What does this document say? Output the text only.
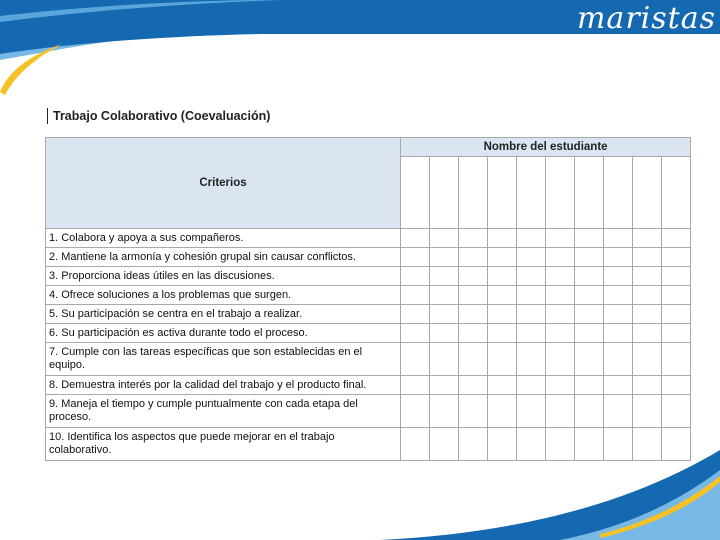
maristas
Trabajo Colaborativo (Coevaluación)
Criterios	Nombre del estudiante									

1. Colabora y apoya a sus compañeros.										
2. Mantiene la armonía y cohesión grupal sin causar conflictos.										
3. Proporciona ideas útiles en las discusiones.										
4. Ofrece soluciones a los problemas que surgen.										
5. Su participación se centra en el trabajo a realizar.										
6. Su participación es activa durante todo el proceso.										
7. Cumple con las tareas específicas que son establecidas en el equipo.										
8. Demuestra interés por la calidad del trabajo y el producto final.										
9. Maneja el tiempo y cumple puntualmente con cada etapa del proceso.										
10. Identifica los aspectos que puede mejorar en el trabajo colaborativo.										
